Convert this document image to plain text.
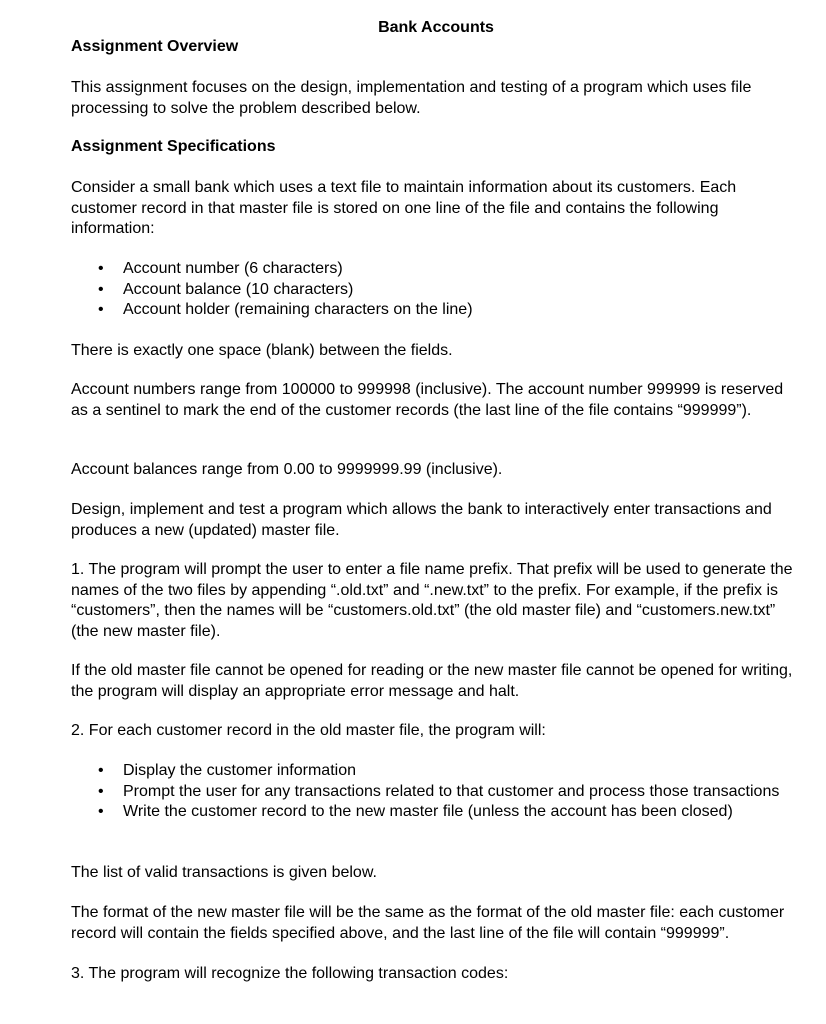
Bank Accounts
Assignment Overview

This assignment focuses on the design, implementation and testing of a program which uses file processing to solve the problem described below.

Assignment Specifications

Consider a small bank which uses a text file to maintain information about its customers. Each customer record in that master file is stored on one line of the file and contains the following information:

• Account number (6 characters)
• Account balance (10 characters)
• Account holder (remaining characters on the line)

There is exactly one space (blank) between the fields.

Account numbers range from 100000 to 999998 (inclusive). The account number 999999 is reserved as a sentinel to mark the end of the customer records (the last line of the file contains “999999”).

Account balances range from 0.00 to 9999999.99 (inclusive).

Design, implement and test a program which allows the bank to interactively enter transactions and produces a new (updated) master file.

1. The program will prompt the user to enter a file name prefix. That prefix will be used to generate the names of the two files by appending “.old.txt” and “.new.txt” to the prefix. For example, if the prefix is “customers”, then the names will be “customers.old.txt” (the old master file) and “customers.new.txt” (the new master file).

If the old master file cannot be opened for reading or the new master file cannot be opened for writing, the program will display an appropriate error message and halt.

2. For each customer record in the old master file, the program will:

• Display the customer information
• Prompt the user for any transactions related to that customer and process those transactions
• Write the customer record to the new master file (unless the account has been closed)

The list of valid transactions is given below.

The format of the new master file will be the same as the format of the old master file: each customer record will contain the fields specified above, and the last line of the file will contain “999999”.

3. The program will recognize the following transaction codes:
